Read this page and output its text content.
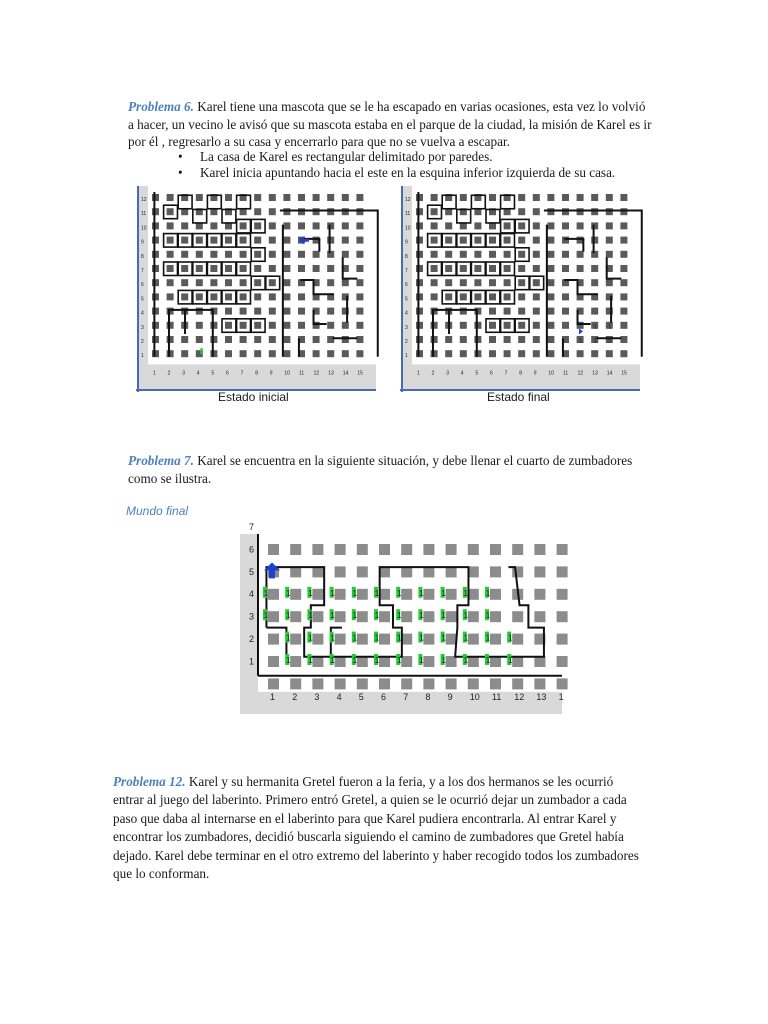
Problema 6. Karel tiene una mascota que se le ha escapado en varias ocasiones, esta vez lo volvió
a hacer, un vecino le avisó que su mascota estaba en el parque de la ciudad, la misión de Karel es ir
por él , regresarlo a su casa y encerrarlo para que no se vuelva a escapar.
• La casa de Karel es rectangular delimitado por paredes.
• Karel inicia apuntando hacia el este en la esquina inferior izquierda de su casa.
1
2
3
4
5
6
7
8
9
10
11
12
1 2 3 4 5 6 7 8 9 10 11 12 13 14 15
1
2
3
4
5
6
7
8
9
10
11
12
1 2 3 4 5 6 7 8 9 10 11 12 13 14 15
1 1 1
1 1
Estado inicial	Estado final
Problema 7. Karel se encuentra en la siguiente situación, y debe llenar el cuarto de zumbadores
como se ilustra.
Mundo final
1
2
3
4
5
6
7
1 2 3 4 5 6 7 8 9 10 11 12 13 1
1 1 1 1 1 1 1 1 1 1 1
1 1 1 1 1 1 1 1 1 1 1
1 1 1 1 1 1 1 1 1 1 1
1 1 1 1 1 1 1 1 1 1 1
Problema 12. Karel y su hermanita Gretel fueron a la feria, y a los dos hermanos se les ocurrió
entrar al juego del laberinto. Primero entró Gretel, a quien se le ocurrió dejar un zumbador a cada
paso que daba al internarse en el laberinto para que Karel pudiera encontrarla. Al entrar Karel y
encontrar los zumbadores, decidió buscarla siguiendo el camino de zumbadores que Gretel había
dejado. Karel debe terminar en el otro extremo del laberinto y haber recogido todos los zumbadores
que lo conforman.
